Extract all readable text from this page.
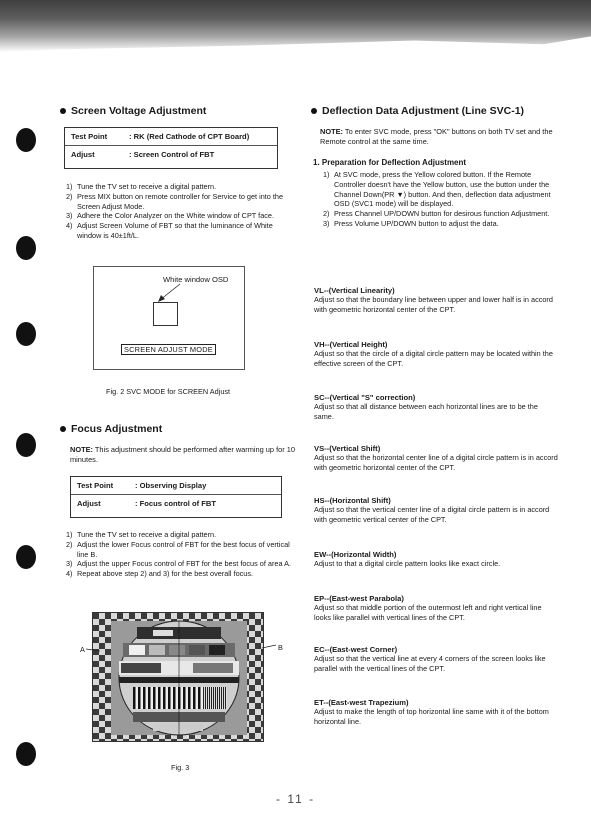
Screen Voltage Adjustment
Test Point	: RK (Red Cathode of CPT Board)
Adjust	: Screen Control of FBT
1) Tune the TV set to receive a digital pattern.
2) Press MIX button on remote controller for Service to get into the Screen Adjust Mode.
3) Adhere the Color Analyzer on the White window of CPT face.
4) Adjust Screen Volume of FBT so that the luminance of White window is 40±1ft/L.
White window OSD
SCREEN ADJUST MODE
Fig. 2 SVC MODE for SCREEN Adjust
Focus Adjustment
NOTE: This adjustment should be performed after warming up for 10 minutes.
Test Point	: Observing Display
Adjust	: Focus control of FBT
1) Tune the TV set to receive a digital pattern.
2) Adjust the lower Focus control of FBT for the best focus of vertical line B.
3) Adjust the upper Focus control of FBT for the best focus of area A.
4) Repeat above step 2) and 3) for the best overall focus.
A	B
Fig. 3
Deflection Data Adjustment (Line SVC-1)
NOTE: To enter SVC mode, press "OK" buttons on both TV set and the Remote control at the same time.
1. Preparation for Deflection Adjustment
1) At SVC mode, press the Yellow colored button. If the Remote Controller doesn't have the Yellow button, use the button under the Channel Down(PR ▼) button. And then, deflection data adjustment OSD (SVC1 mode) will be displayed.
2) Press Channel UP/DOWN button for desirous function Adjustment.
3) Press Volume UP/DOWN button to adjust the data.
VL--(Vertical Linearity)
Adjust so that the boundary line between upper and lower half is in accord with geometric horizontal center of the CPT.
VH--(Vertical Height)
Adjust so that the circle of a digital circle pattern may be located within the effective screen of the CPT.
SC--(Vertical "S" correction)
Adjust so that all distance between each horizontal lines are to be the same.
VS--(Vertical Shift)
Adjust so that the horizontal center line of a digital circle pattern is in accord with geometric horizontal center of the CPT.
HS--(Horizontal Shift)
Adjust so that the vertical center line of a digital circle pattern is in accord with geometric vertical center of the CPT.
EW--(Horizontal Width)
Adjust to that a digital circle pattern looks like exact circle.
EP--(East-west Parabola)
Adjust so that middle portion of the outermost left and right vertical line looks like parallel with vertical lines of the CPT.
EC--(East-west Corner)
Adjust so that the vertical line at every 4 corners of the screen looks like parallel with the vertical lines of the CPT.
ET--(East-west Trapezium)
Adjust to make the length of top horizontal line same with it of the bottom horizontal line.
- 11 -
